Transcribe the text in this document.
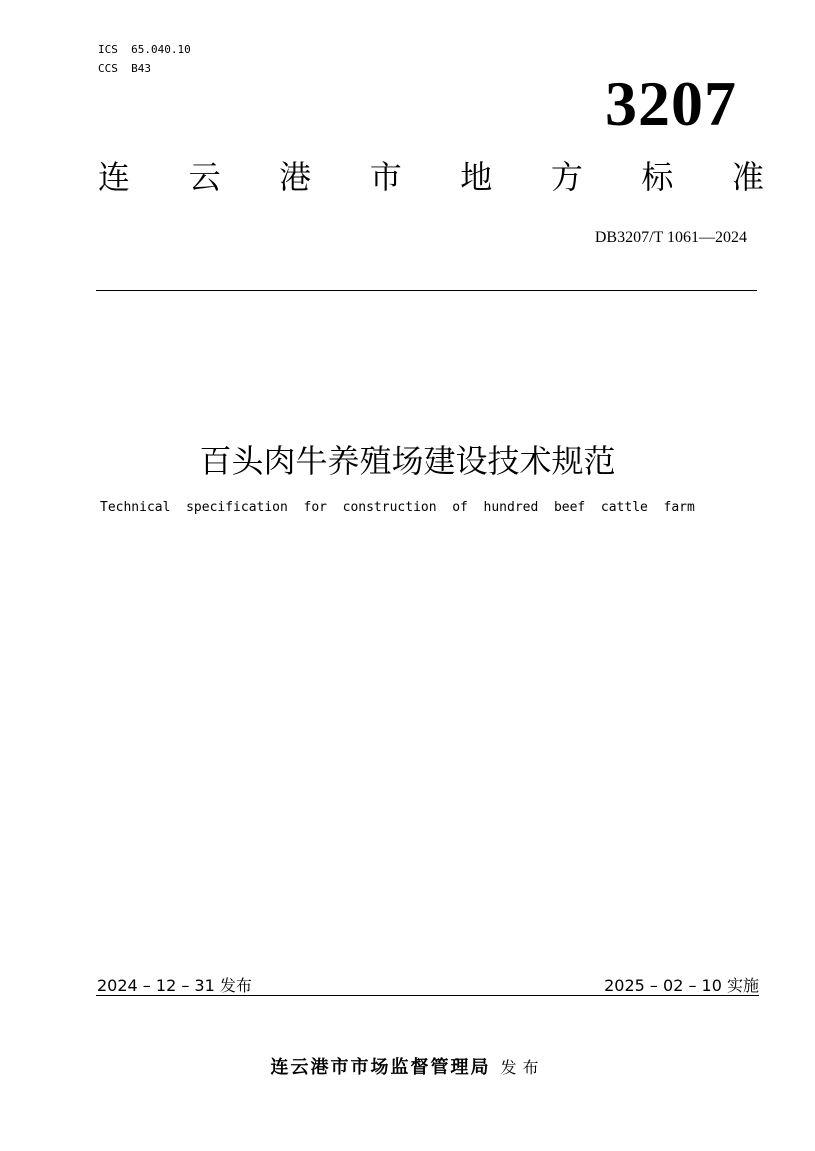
ICS  65.040.10
CCS  B43	3207
连 云 港 市 地 方 标 准
DB3207/T 1061—2024
百头肉牛养殖场建设技术规范
Technical  specification  for  construction  of  hundred  beef  cattle  farm
2024 – 12 – 31 发布	2025 – 02 – 10 实施
连云港市市场监督管理局 发布
